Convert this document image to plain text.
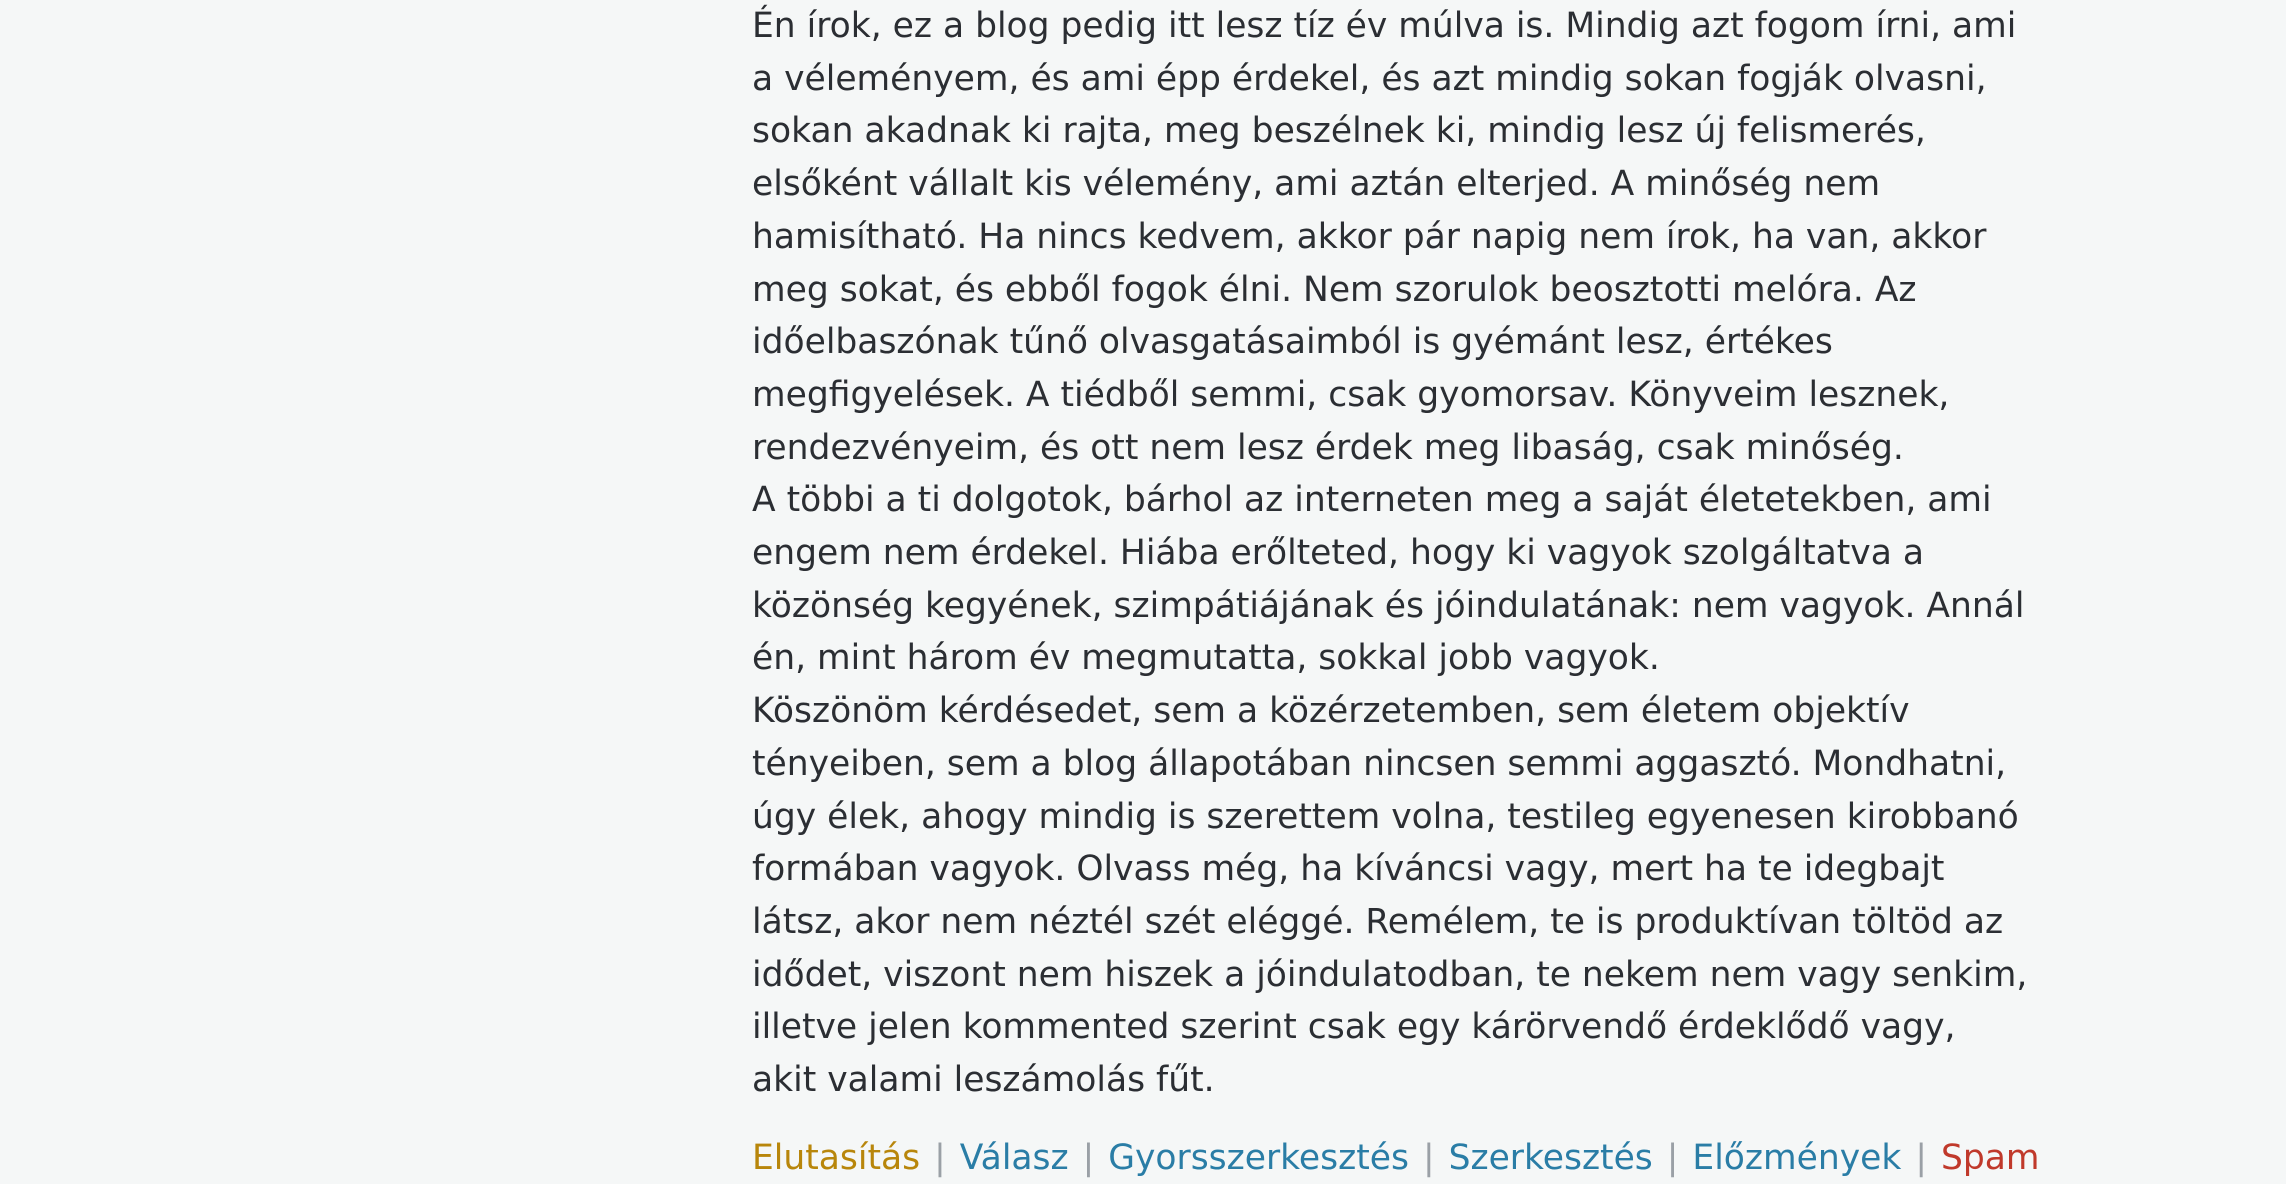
Én írok, ez a blog pedig itt lesz tíz év múlva is. Mindig azt fogom írni, ami
a véleményem, és ami épp érdekel, és azt mindig sokan fogják olvasni,
sokan akadnak ki rajta, meg beszélnek ki, mindig lesz új felismerés,
elsőként vállalt kis vélemény, ami aztán elterjed. A minőség nem
hamisítható. Ha nincs kedvem, akkor pár napig nem írok, ha van, akkor
meg sokat, és ebből fogok élni. Nem szorulok beosztotti melóra. Az
időelbaszónak tűnő olvasgatásaimból is gyémánt lesz, értékes
megfigyelések. A tiédből semmi, csak gyomorsav. Könyveim lesznek,
rendezvényeim, és ott nem lesz érdek meg libaság, csak minőség.
A többi a ti dolgotok, bárhol az interneten meg a saját életetekben, ami
engem nem érdekel. Hiába erőlteted, hogy ki vagyok szolgáltatva a
közönség kegyének, szimpátiájának és jóindulatának: nem vagyok. Annál
én, mint három év megmutatta, sokkal jobb vagyok.
Köszönöm kérdésedet, sem a közérzetemben, sem életem objektív
tényeiben, sem a blog állapotában nincsen semmi aggasztó. Mondhatni,
úgy élek, ahogy mindig is szerettem volna, testileg egyenesen kirobbanó
formában vagyok. Olvass még, ha kíváncsi vagy, mert ha te idegbajt
látsz, akor nem néztél szét eléggé. Remélem, te is produktívan töltöd az
idődet, viszont nem hiszek a jóindulatodban, te nekem nem vagy senkim,
illetve jelen kommented szerint csak egy kárörvendő érdeklődő vagy,
akit valami leszámolás fűt.
Elutasítás | Válasz | Gyorsszerkesztés | Szerkesztés | Előzmények | Spam
